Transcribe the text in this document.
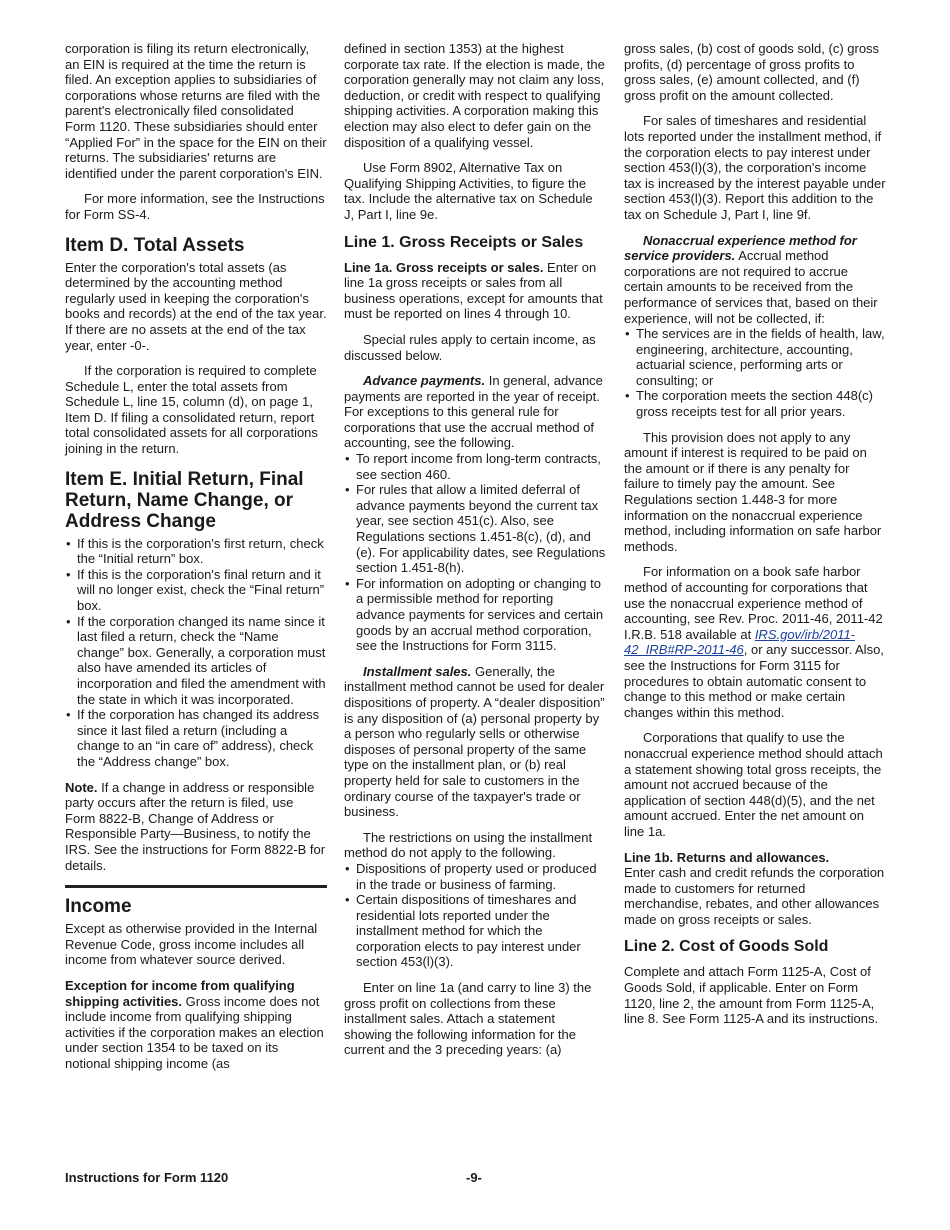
corporation is filing its return electronically, an EIN is required at the time the return is filed. An exception applies to subsidiaries of corporations whose returns are filed with the parent's electronically filed consolidated Form 1120. These subsidiaries should enter “Applied For” in the space for the EIN on their returns. The subsidiaries' returns are identified under the parent corporation's EIN.

For more information, see the Instructions for Form SS-4.

Item D. Total Assets

Enter the corporation's total assets (as determined by the accounting method regularly used in keeping the corporation's books and records) at the end of the tax year. If there are no assets at the end of the tax year, enter -0-.

If the corporation is required to complete Schedule L, enter the total assets from Schedule L, line 15, column (d), on page 1, Item D. If filing a consolidated return, report total consolidated assets for all corporations joining in the return.

Item E. Initial Return, Final Return, Name Change, or Address Change

• If this is the corporation's first return, check the “Initial return” box.

• If this is the corporation's final return and it will no longer exist, check the “Final return” box.

• If the corporation changed its name since it last filed a return, check the “Name change” box. Generally, a corporation must also have amended its articles of incorporation and filed the amendment with the state in which it was incorporated.

• If the corporation has changed its address since it last filed a return (including a change to an “in care of” address), check the “Address change” box.

Note. If a change in address or responsible party occurs after the return is filed, use Form 8822-B, Change of Address or Responsible Party—Business, to notify the IRS. See the instructions for Form 8822-B for details.

Income

Except as otherwise provided in the Internal Revenue Code, gross income includes all income from whatever source derived.

Exception for income from qualifying shipping activities. Gross income does not include income from qualifying shipping activities if the corporation makes an election under section 1354 to be taxed on its notional shipping income (as

defined in section 1353) at the highest corporate tax rate. If the election is made, the corporation generally may not claim any loss, deduction, or credit with respect to qualifying shipping activities. A corporation making this election may also elect to defer gain on the disposition of a qualifying vessel.

Use Form 8902, Alternative Tax on Qualifying Shipping Activities, to figure the tax. Include the alternative tax on Schedule J, Part I, line 9e.

Line 1. Gross Receipts or Sales

Line 1a. Gross receipts or sales. Enter on line 1a gross receipts or sales from all business operations, except for amounts that must be reported on lines 4 through 10.

Special rules apply to certain income, as discussed below.

Advance payments. In general, advance payments are reported in the year of receipt. For exceptions to this general rule for corporations that use the accrual method of accounting, see the following.

• To report income from long-term contracts, see section 460.

• For rules that allow a limited deferral of advance payments beyond the current tax year, see section 451(c). Also, see Regulations sections 1.451-8(c), (d), and (e). For applicability dates, see Regulations section 1.451-8(h).

• For information on adopting or changing to a permissible method for reporting advance payments for services and certain goods by an accrual method corporation, see the Instructions for Form 3115.

Installment sales. Generally, the installment method cannot be used for dealer dispositions of property. A “dealer disposition” is any disposition of (a) personal property by a person who regularly sells or otherwise disposes of personal property of the same type on the installment plan, or (b) real property held for sale to customers in the ordinary course of the taxpayer's trade or business.

The restrictions on using the installment method do not apply to the following.

• Dispositions of property used or produced in the trade or business of farming.

• Certain dispositions of timeshares and residential lots reported under the installment method for which the corporation elects to pay interest under section 453(l)(3).

Enter on line 1a (and carry to line 3) the gross profit on collections from these installment sales. Attach a statement showing the following information for the current and the 3 preceding years: (a)

gross sales, (b) cost of goods sold, (c) gross profits, (d) percentage of gross profits to gross sales, (e) amount collected, and (f) gross profit on the amount collected.

For sales of timeshares and residential lots reported under the installment method, if the corporation elects to pay interest under section 453(l)(3), the corporation's income tax is increased by the interest payable under section 453(l)(3). Report this addition to the tax on Schedule J, Part I, line 9f.

Nonaccrual experience method for service providers. Accrual method corporations are not required to accrue certain amounts to be received from the performance of services that, based on their experience, will not be collected, if:

• The services are in the fields of health, law, engineering, architecture, accounting, actuarial science, performing arts or consulting; or

• The corporation meets the section 448(c) gross receipts test for all prior years.

This provision does not apply to any amount if interest is required to be paid on the amount or if there is any penalty for failure to timely pay the amount. See Regulations section 1.448-3 for more information on the nonaccrual experience method, including information on safe harbor methods.

For information on a book safe harbor method of accounting for corporations that use the nonaccrual experience method of accounting, see Rev. Proc. 2011-46, 2011-42 I.R.B. 518 available at IRS.gov/irb/2011-42_IRB#RP-2011-46, or any successor. Also, see the Instructions for Form 3115 for procedures to obtain automatic consent to change to this method or make certain changes within this method.

Corporations that qualify to use the nonaccrual experience method should attach a statement showing total gross receipts, the amount not accrued because of the application of section 448(d)(5), and the net amount accrued. Enter the net amount on line 1a.

Line 1b. Returns and allowances.
Enter cash and credit refunds the corporation made to customers for returned merchandise, rebates, and other allowances made on gross receipts or sales.

Line 2. Cost of Goods Sold

Complete and attach Form 1125-A, Cost of Goods Sold, if applicable. Enter on Form 1120, line 2, the amount from Form 1125-A, line 8. See Form 1125-A and its instructions.

Instructions for Form 1120	-9-
